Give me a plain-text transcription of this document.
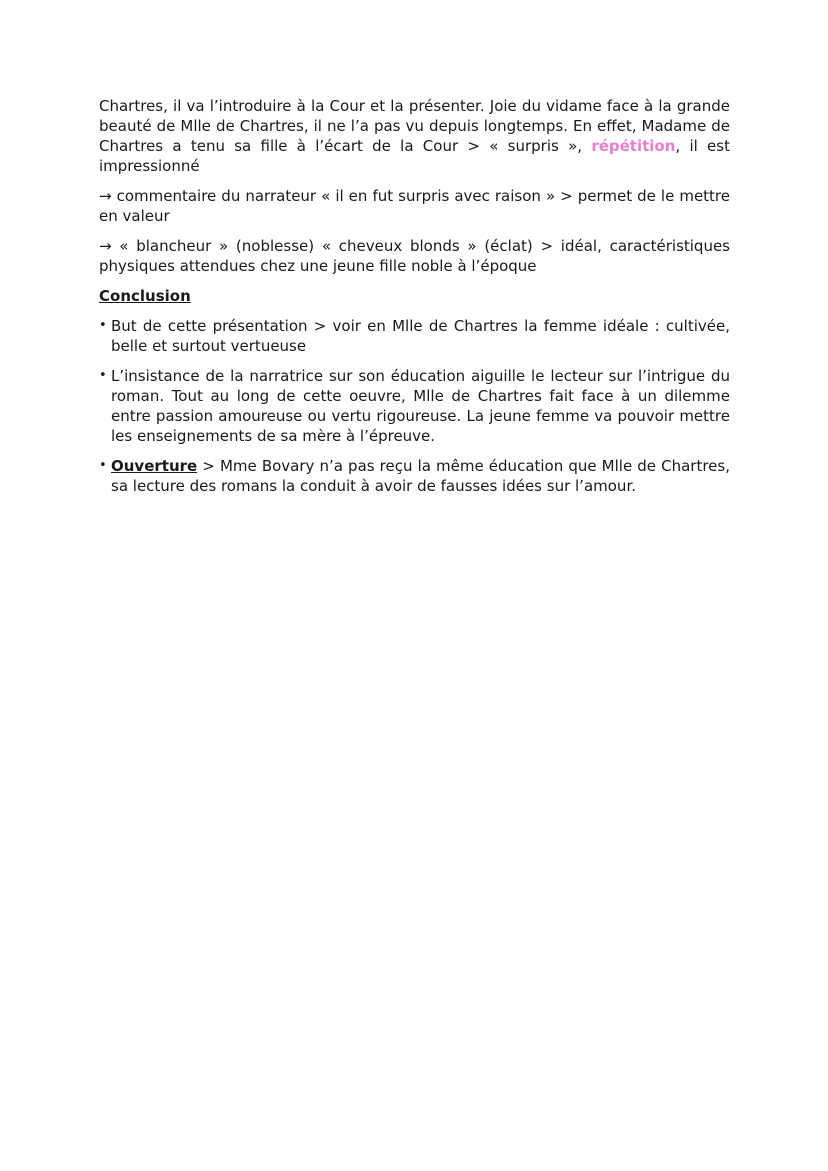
Chartres, il va l’introduire à la Cour et la présenter. Joie du vidame face à la grande beauté de Mlle de Chartres, il ne l’a pas vu depuis longtemps. En effet, Madame de Chartres a tenu sa fille à l’écart de la Cour > « surpris », répétition, il est impressionné

→ commentaire du narrateur « il en fut surpris avec raison » > permet de le mettre en valeur

→ « blancheur » (noblesse) « cheveux blonds » (éclat) > idéal, caractéristiques physiques attendues chez une jeune fille noble à l’époque

Conclusion

• But de cette présentation > voir en Mlle de Chartres la femme idéale : cultivée, belle et surtout vertueuse
• L’insistance de la narratrice sur son éducation aiguille le lecteur sur l’intrigue du roman. Tout au long de cette oeuvre, Mlle de Chartres fait face à un dilemme entre passion amoureuse ou vertu rigoureuse. La jeune femme va pouvoir mettre les enseignements de sa mère à l’épreuve.
• Ouverture > Mme Bovary n’a pas reçu la même éducation que Mlle de Chartres, sa lecture des romans la conduit à avoir de fausses idées sur l’amour.
